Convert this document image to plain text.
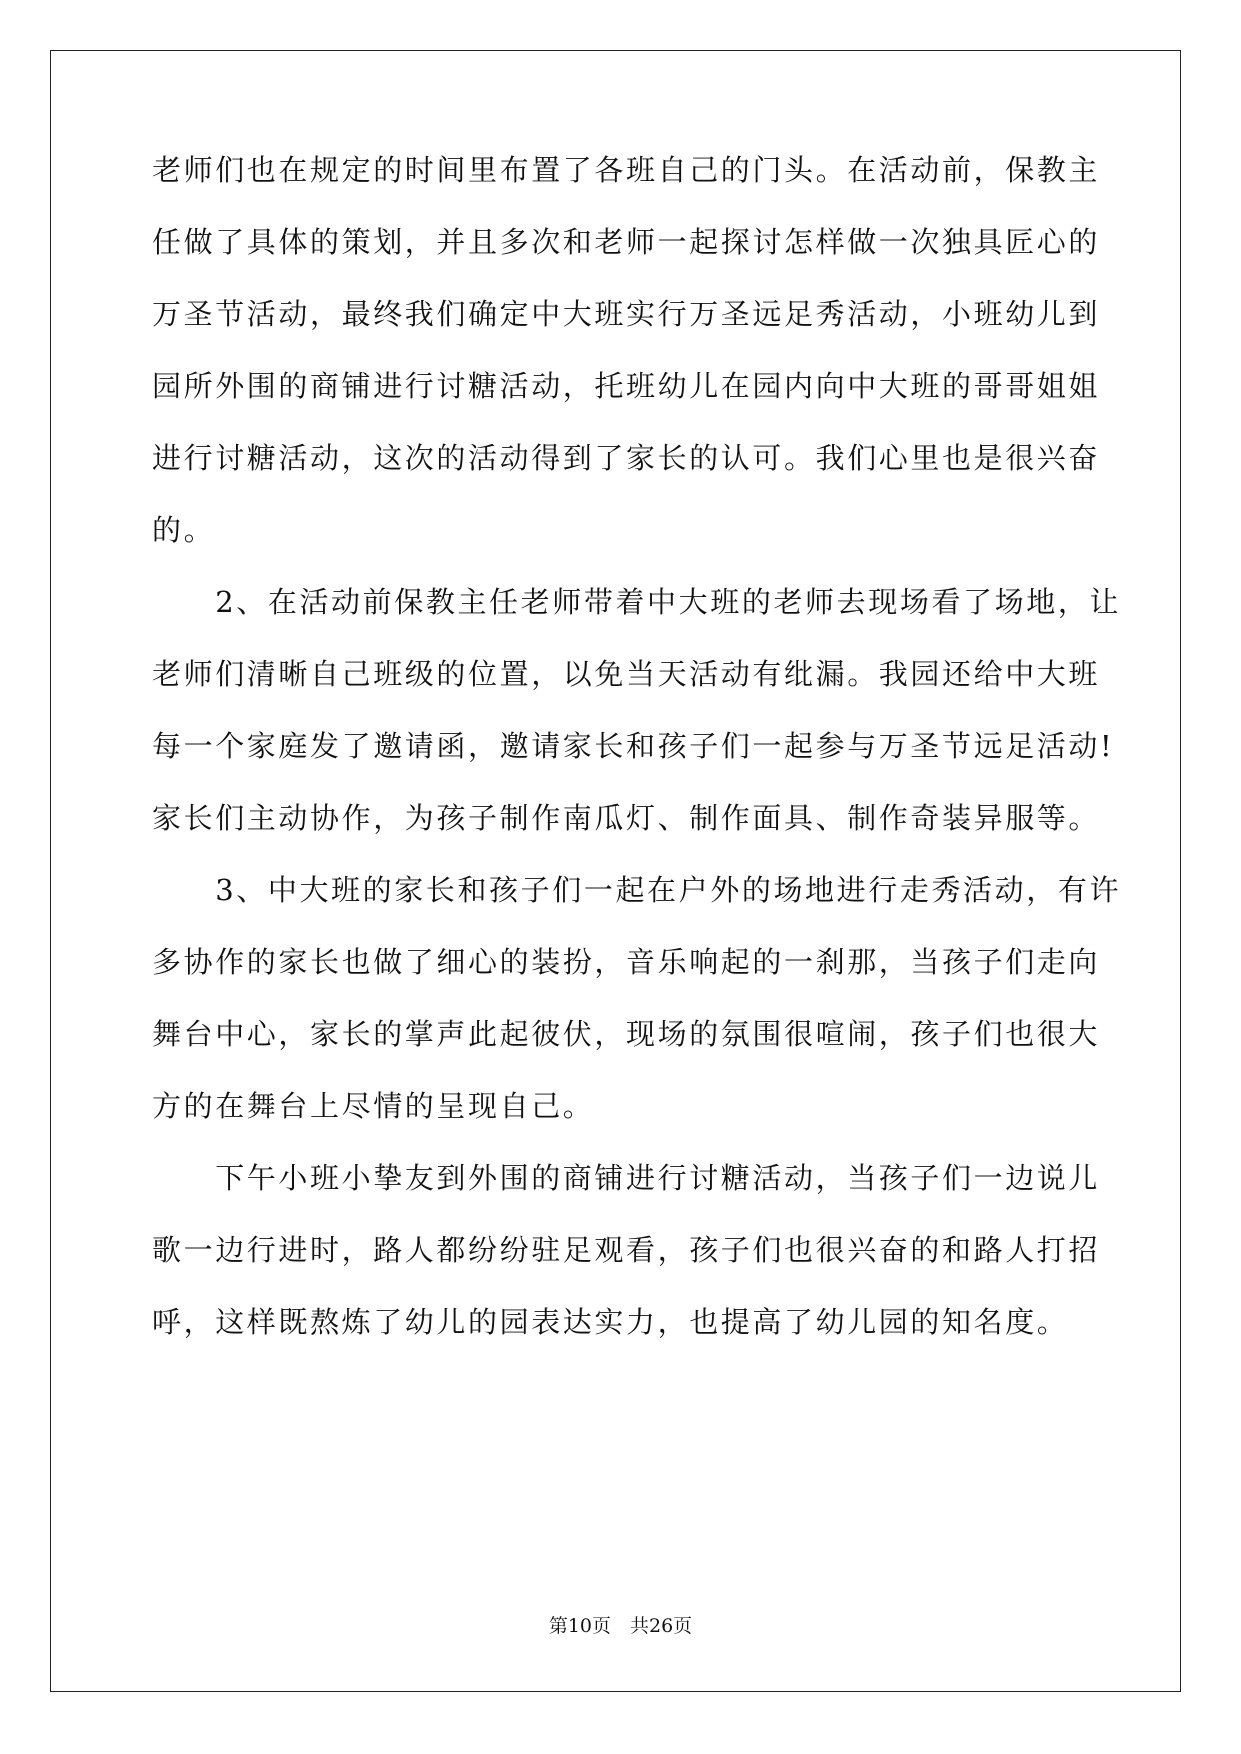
老师们也在规定的时间里布置了各班自己的门头。在活动前，保教主
任做了具体的策划，并且多次和老师一起探讨怎样做一次独具匠心的
万圣节活动，最终我们确定中大班实行万圣远足秀活动，小班幼儿到
园所外围的商铺进行讨糖活动，托班幼儿在园内向中大班的哥哥姐姐
进行讨糖活动，这次的活动得到了家长的认可。我们心里也是很兴奋
的。
　　2、在活动前保教主任老师带着中大班的老师去现场看了场地，让
老师们清晰自己班级的位置，以免当天活动有纰漏。我园还给中大班
每一个家庭发了邀请函，邀请家长和孩子们一起参与万圣节远足活动!
家长们主动协作，为孩子制作南瓜灯、制作面具、制作奇装异服等。
　　3、中大班的家长和孩子们一起在户外的场地进行走秀活动，有许
多协作的家长也做了细心的装扮，音乐响起的一刹那，当孩子们走向
舞台中心，家长的掌声此起彼伏，现场的氛围很喧闹，孩子们也很大
方的在舞台上尽情的呈现自己。
　　下午小班小挚友到外围的商铺进行讨糖活动，当孩子们一边说儿
歌一边行进时，路人都纷纷驻足观看，孩子们也很兴奋的和路人打招
呼，这样既熬炼了幼儿的园表达实力，也提高了幼儿园的知名度。
第10页　共26页
